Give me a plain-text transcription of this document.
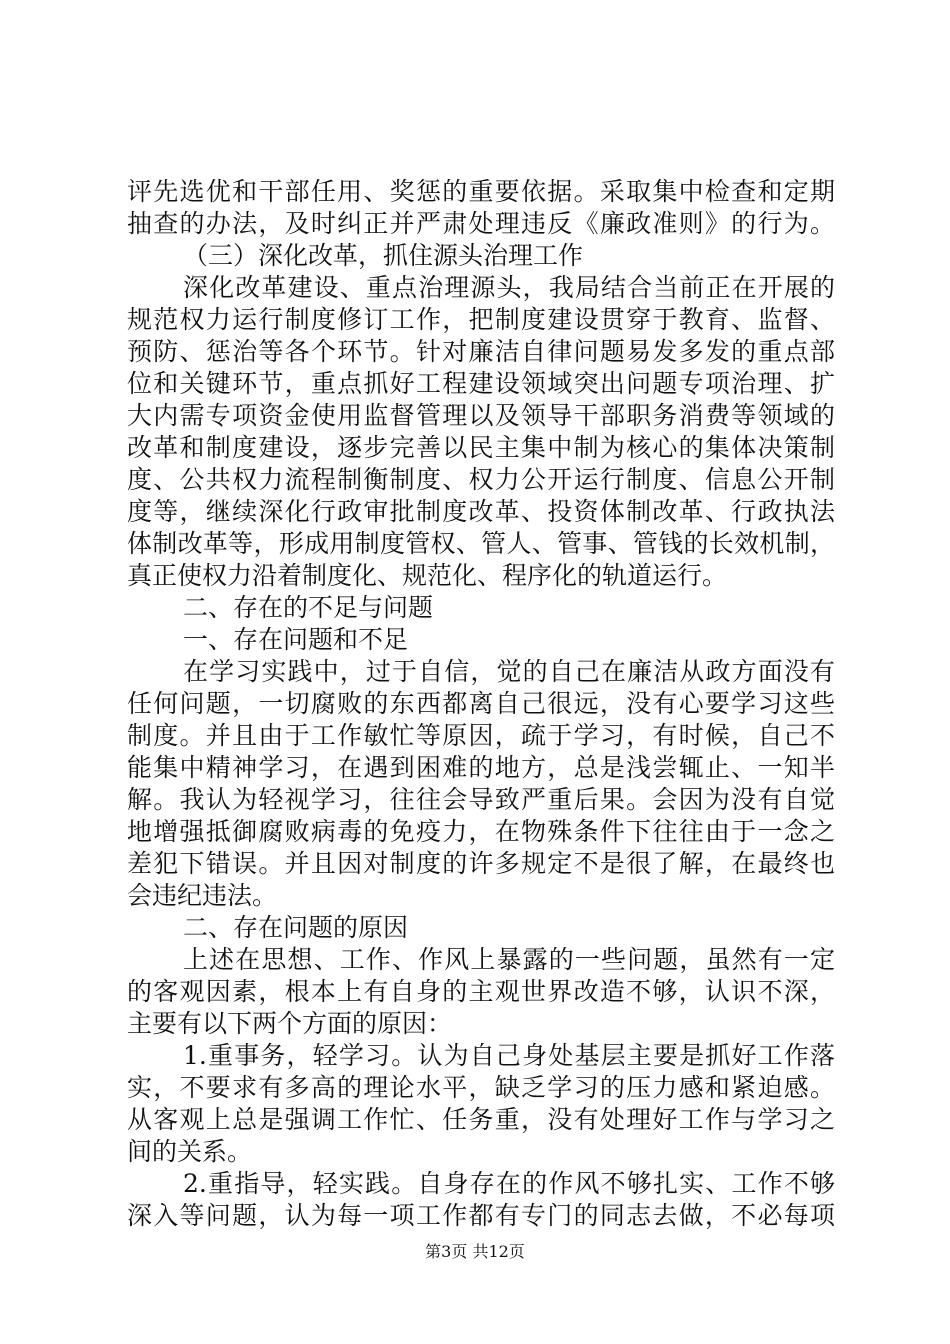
评先选优和干部任用、奖惩的重要依据。采取集中检查和定期
抽查的办法，及时纠正并严肃处理违反《廉政准则》的行为。
（三）深化改革，抓住源头治理工作
深化改革建设、重点治理源头，我局结合当前正在开展的
规范权力运行制度修订工作，把制度建设贯穿于教育、监督、
预防、惩治等各个环节。针对廉洁自律问题易发多发的重点部
位和关键环节，重点抓好工程建设领域突出问题专项治理、扩
大内需专项资金使用监督管理以及领导干部职务消费等领域的
改革和制度建设，逐步完善以民主集中制为核心的集体决策制
度、公共权力流程制衡制度、权力公开运行制度、信息公开制
度等，继续深化行政审批制度改革、投资体制改革、行政执法
体制改革等，形成用制度管权、管人、管事、管钱的长效机制，
真正使权力沿着制度化、规范化、程序化的轨道运行。
二、存在的不足与问题
一、存在问题和不足
在学习实践中，过于自信，觉的自己在廉洁从政方面没有
任何问题，一切腐败的东西都离自己很远，没有心要学习这些
制度。并且由于工作敏忙等原因，疏于学习，有时候，自己不
能集中精神学习，在遇到困难的地方，总是浅尝辄止、一知半
解。我认为轻视学习，往往会导致严重后果。会因为没有自觉
地增强抵御腐败病毒的免疫力，在物殊条件下往往由于一念之
差犯下错误。并且因对制度的许多规定不是很了解，在最终也
会违纪违法。
二、存在问题的原因
上述在思想、工作、作风上暴露的一些问题，虽然有一定
的客观因素，根本上有自身的主观世界改造不够，认识不深，
主要有以下两个方面的原因：
1.重事务，轻学习。认为自己身处基层主要是抓好工作落
实，不要求有多高的理论水平，缺乏学习的压力感和紧迫感。
从客观上总是强调工作忙、任务重，没有处理好工作与学习之
间的关系。
2.重指导，轻实践。自身存在的作风不够扎实、工作不够
深入等问题，认为每一项工作都有专门的同志去做，不必每项
第3页 共12页
